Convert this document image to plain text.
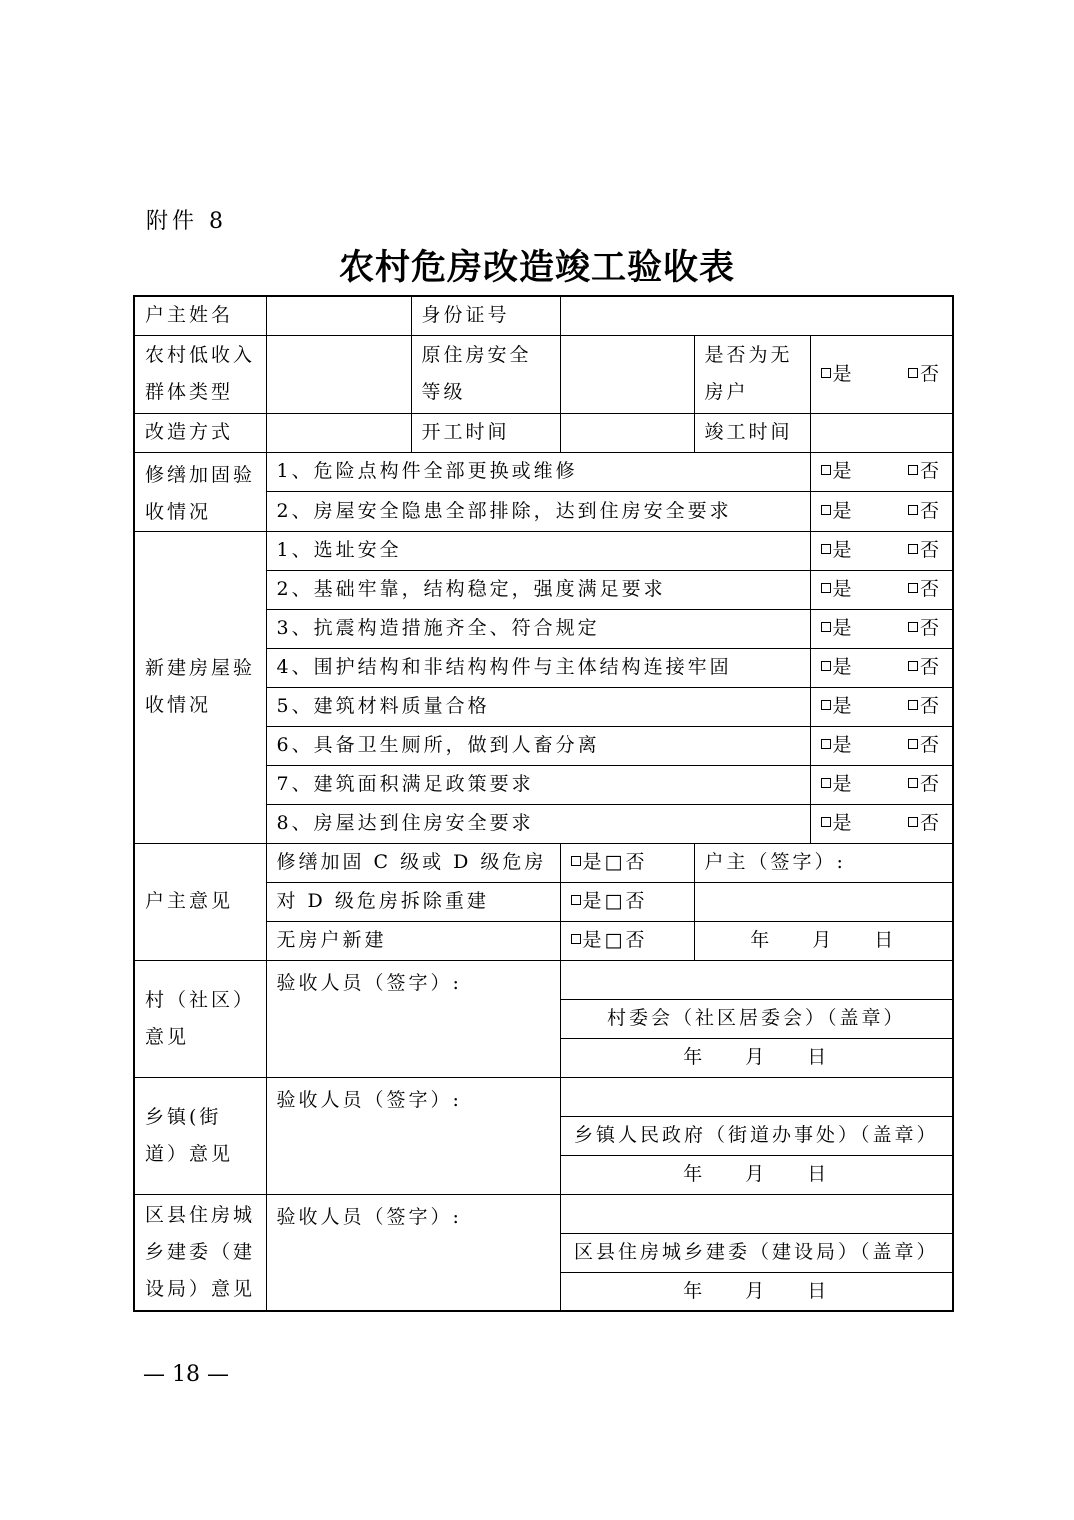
附件 8
农村危房改造竣工验收表
户主姓名		身份证号			
农村低收入群体类型		原住房安全等级		是否为无房户	是 否

改造方式		开工时间		竣工时间	
修缮加固验收情况	1、危险点构件全部更换或维修				是 否

	2、房屋安全隐患全部排除，达到住房安全要求				是 否

新建房屋验收情况	1、选址安全				是 否

	2、基础牢靠，结构稳定，强度满足要求				是 否

	3、抗震构造措施齐全、符合规定				是 否

	4、围护结构和非结构构件与主体结构连接牢固				是 否

	5、建筑材料质量合格				是 否

	6、具备卫生厕所，做到人畜分离				是 否

	7、建筑面积满足政策要求				是 否

	8、房屋达到住房安全要求				是 否

户主意见	修缮加固 C 级或 D 级危房		是□否	户主（签字）:	
	对 D 级危房拆除重建		是□否		
	无房户新建		是□否	年 月 日	
村（社区）意见	验收人员（签字）:				
			村委会（社区居委会）（盖章）		
			年 月 日		
乡镇(街道）意见	验收人员（签字）:				
			乡镇人民政府（街道办事处）（盖章）		
			年 月 日		
区县住房城乡建委（建设局）意见	验收人员（签字）:				
			区县住房城乡建委（建设局）（盖章）		
			年 月 日		
— 18 —
